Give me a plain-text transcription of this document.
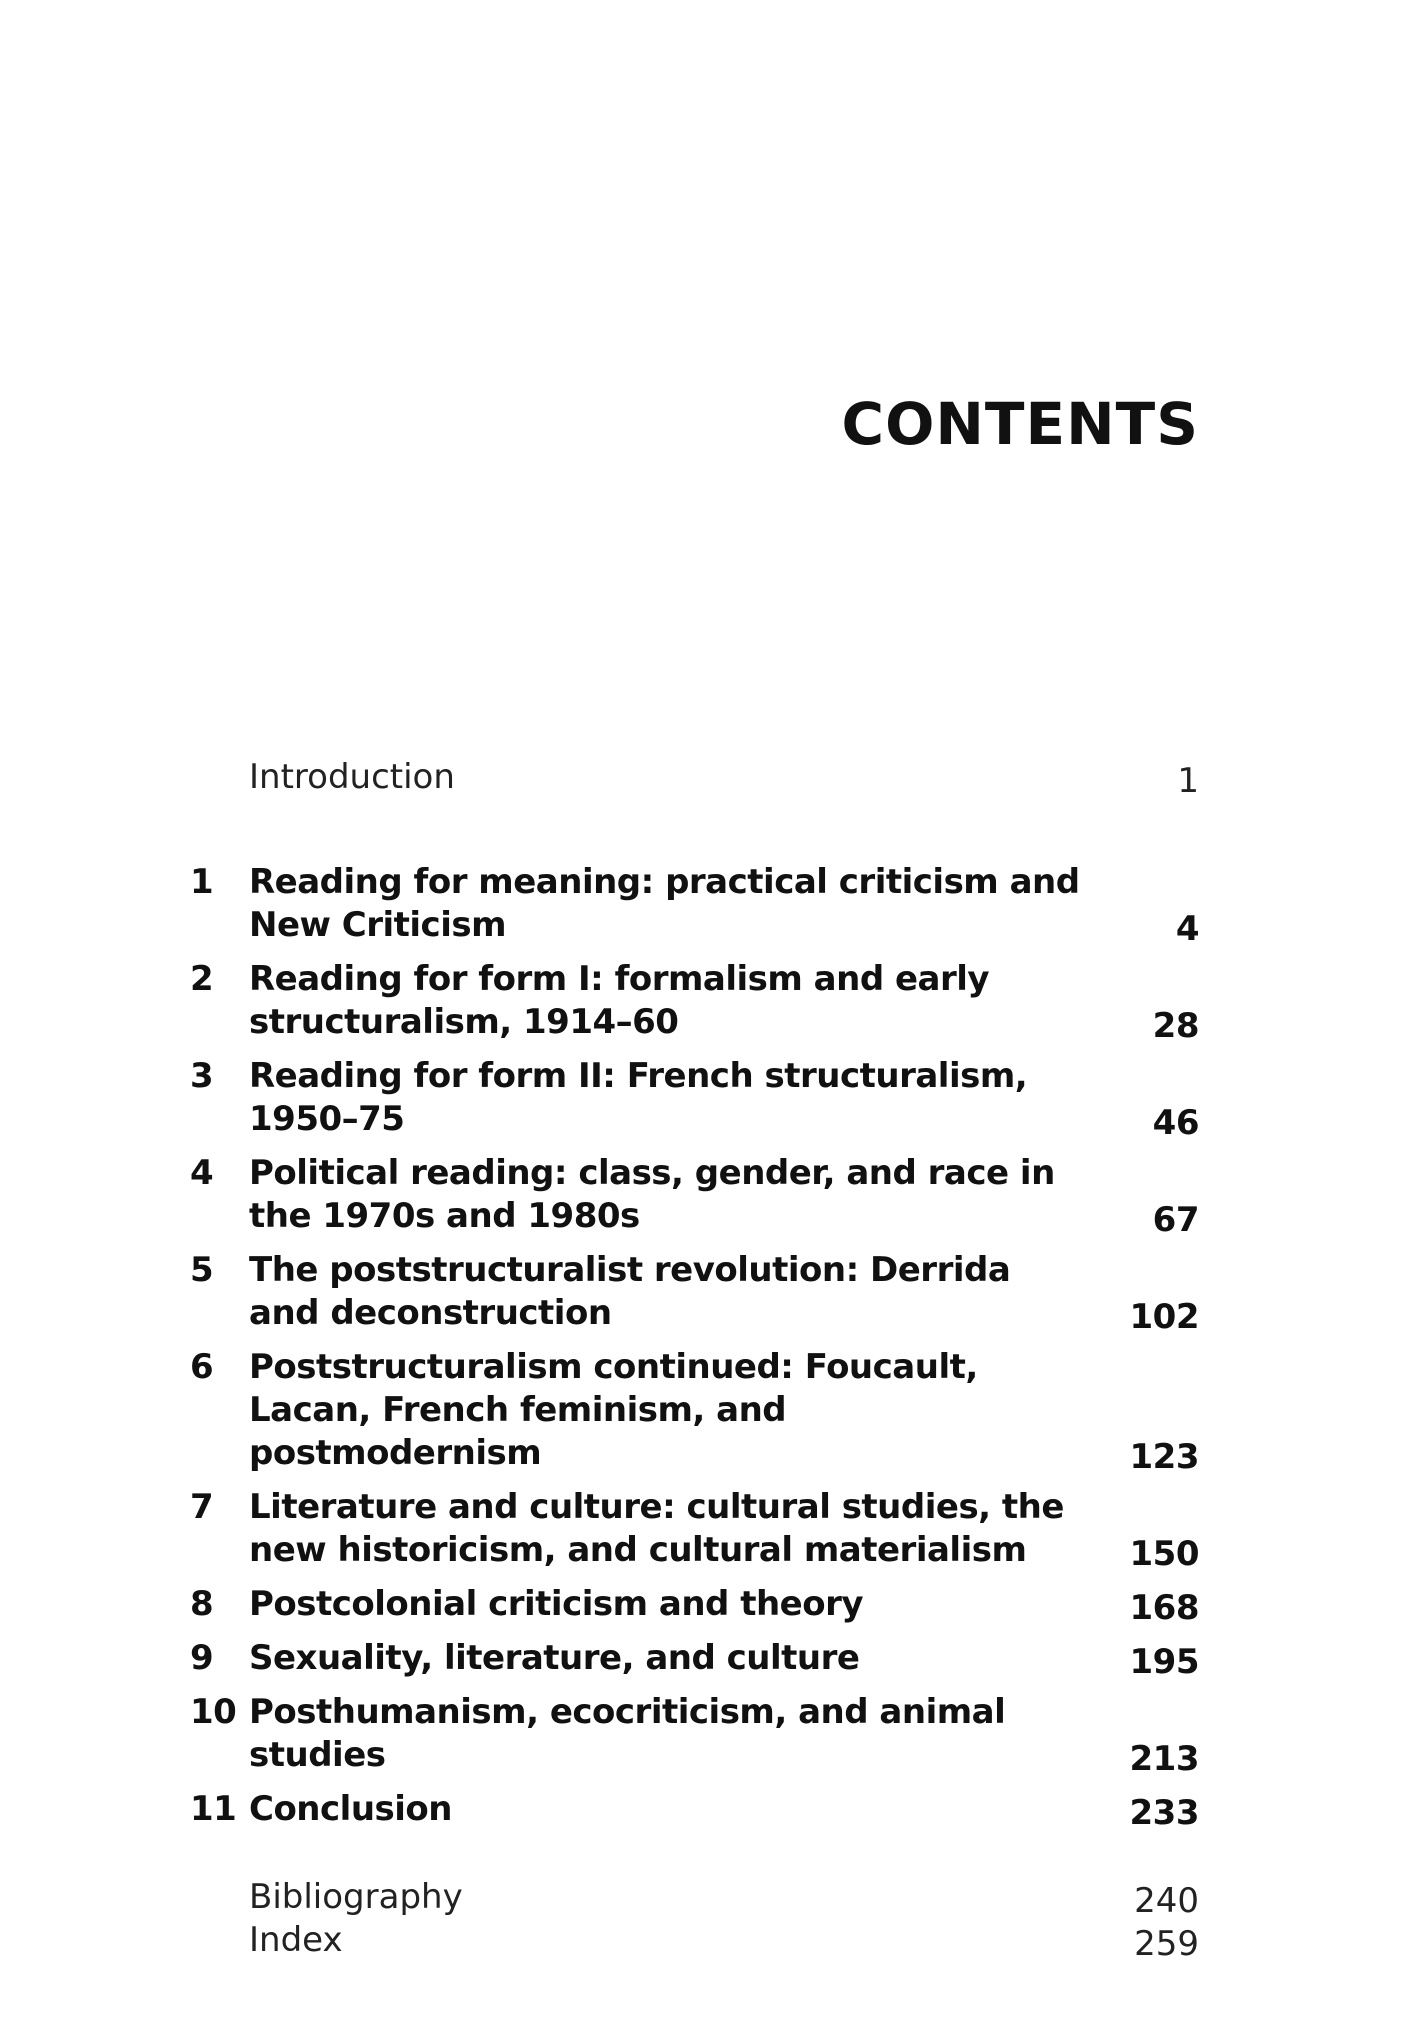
CONTENTS
Introduction	1
1	Reading for meaning: practical criticism and New Criticism	4
2	Reading for form I: formalism and early structuralism, 1914–60	28
3	Reading for form II: French structuralism, 1950–75	46
4	Political reading: class, gender, and race in the 1970s and 1980s	67
5	The poststructuralist revolution: Derrida and deconstruction	102
6	Poststructuralism continued: Foucault, Lacan, French feminism, and postmodernism	123
7	Literature and culture: cultural studies, the new historicism, and cultural materialism	150
8	Postcolonial criticism and theory	168
9	Sexuality, literature, and culture	195
10 Posthumanism, ecocriticism, and animal studies	213
11 Conclusion	233
Bibliography	240
Index	259
